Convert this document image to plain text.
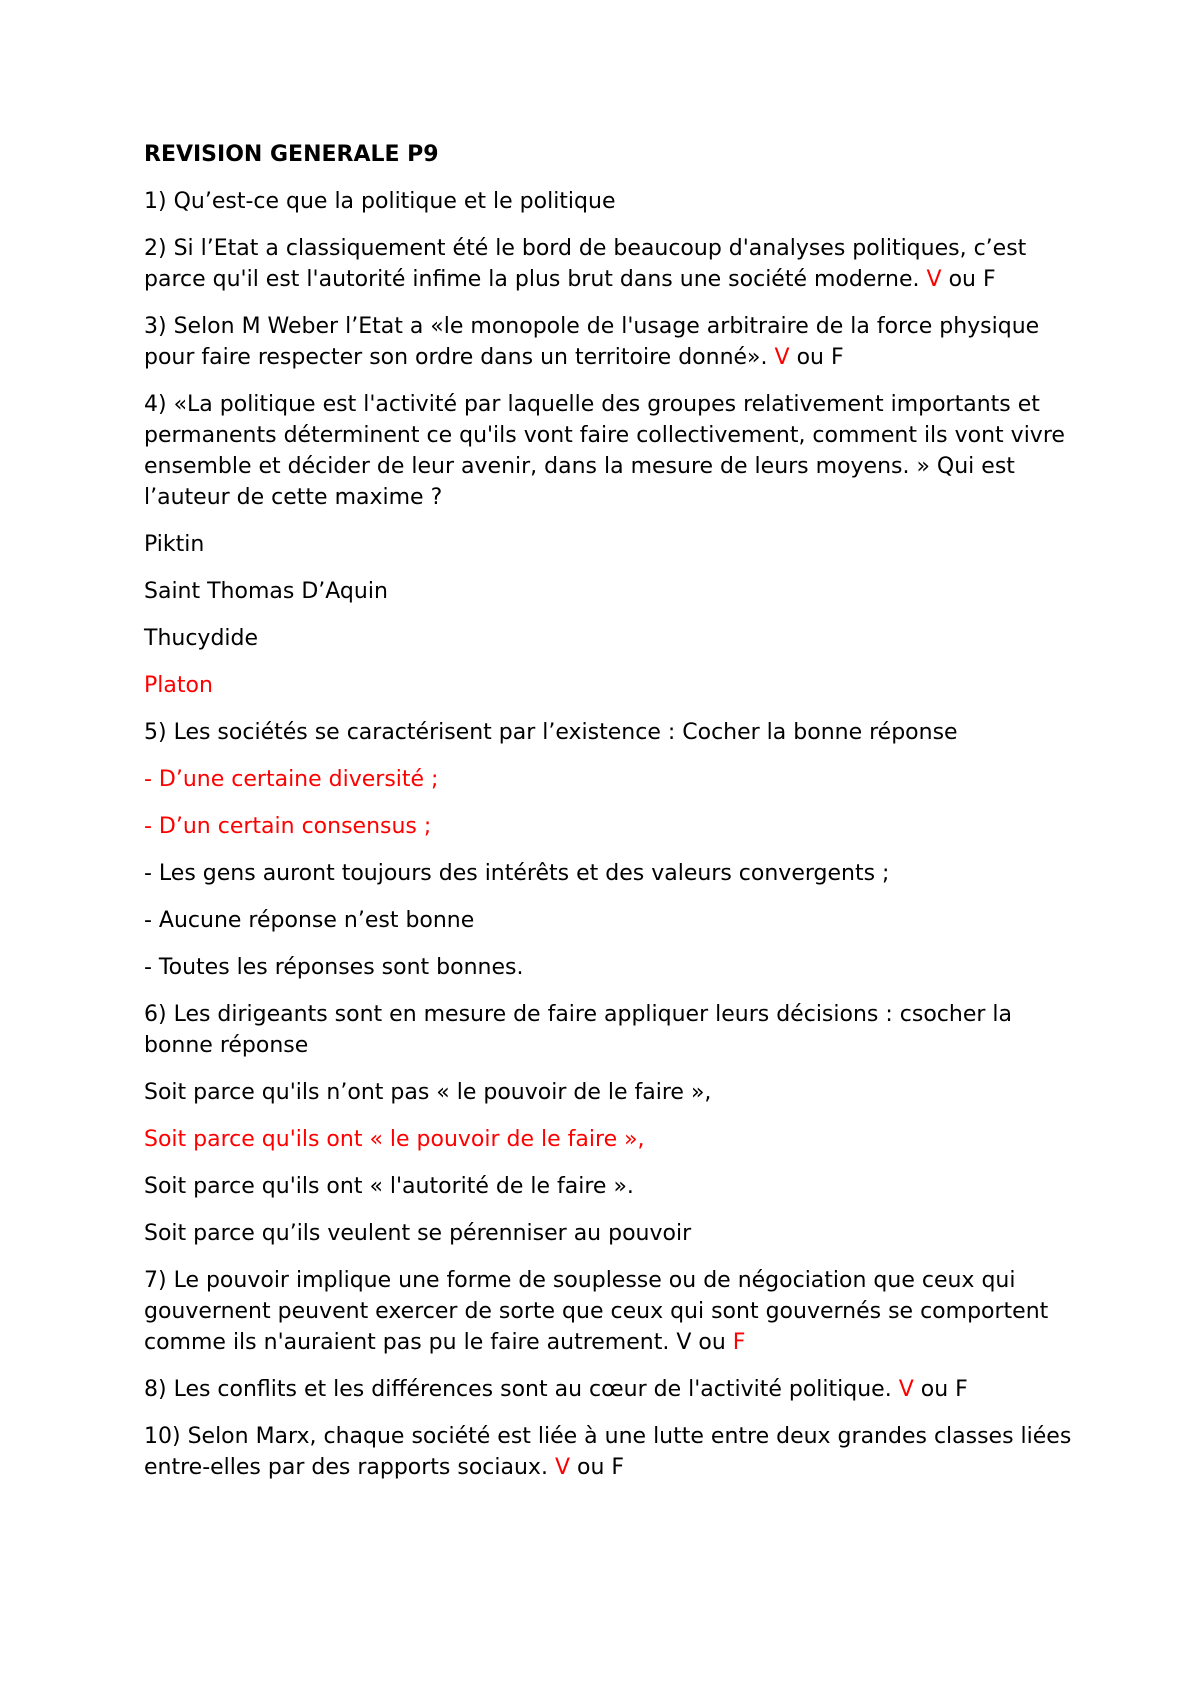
REVISION GENERALE P9

1) Qu’est-ce que la politique et le politique

2) Si l’Etat a classiquement été le bord de beaucoup d'analyses politiques, c’est parce qu'il est l'autorité infime la plus brut dans une société moderne. V ou F

3) Selon M Weber l’Etat a «le monopole de l'usage arbitraire de la force physique pour faire respecter son ordre dans un territoire donné». V ou F

4) «La politique est l'activité par laquelle des groupes relativement importants et permanents déterminent ce qu'ils vont faire collectivement, comment ils vont vivre ensemble et décider de leur avenir, dans la mesure de leurs moyens. » Qui est l’auteur de cette maxime ?

Piktin

Saint Thomas D’Aquin

Thucydide

Platon

5) Les sociétés se caractérisent par l’existence : Cocher la bonne réponse

- D’une certaine diversité ;

- D’un certain consensus ;

- Les gens auront toujours des intérêts et des valeurs convergents ;

- Aucune réponse n’est bonne

- Toutes les réponses sont bonnes.

6) Les dirigeants sont en mesure de faire appliquer leurs décisions : csocher la bonne réponse

Soit parce qu'ils n’ont pas « le pouvoir de le faire »,

Soit parce qu'ils ont « le pouvoir de le faire »,

Soit parce qu'ils ont « l'autorité de le faire ».

Soit parce qu’ils veulent se pérenniser au pouvoir

7) Le pouvoir implique une forme de souplesse ou de négociation que ceux qui gouvernent peuvent exercer de sorte que ceux qui sont gouvernés se comportent comme ils n'auraient pas pu le faire autrement. V ou F

8) Les conflits et les différences sont au cœur de l'activité politique. V ou F

10) Selon Marx, chaque société est liée à une lutte entre deux grandes classes liées entre-elles par des rapports sociaux. V ou F
